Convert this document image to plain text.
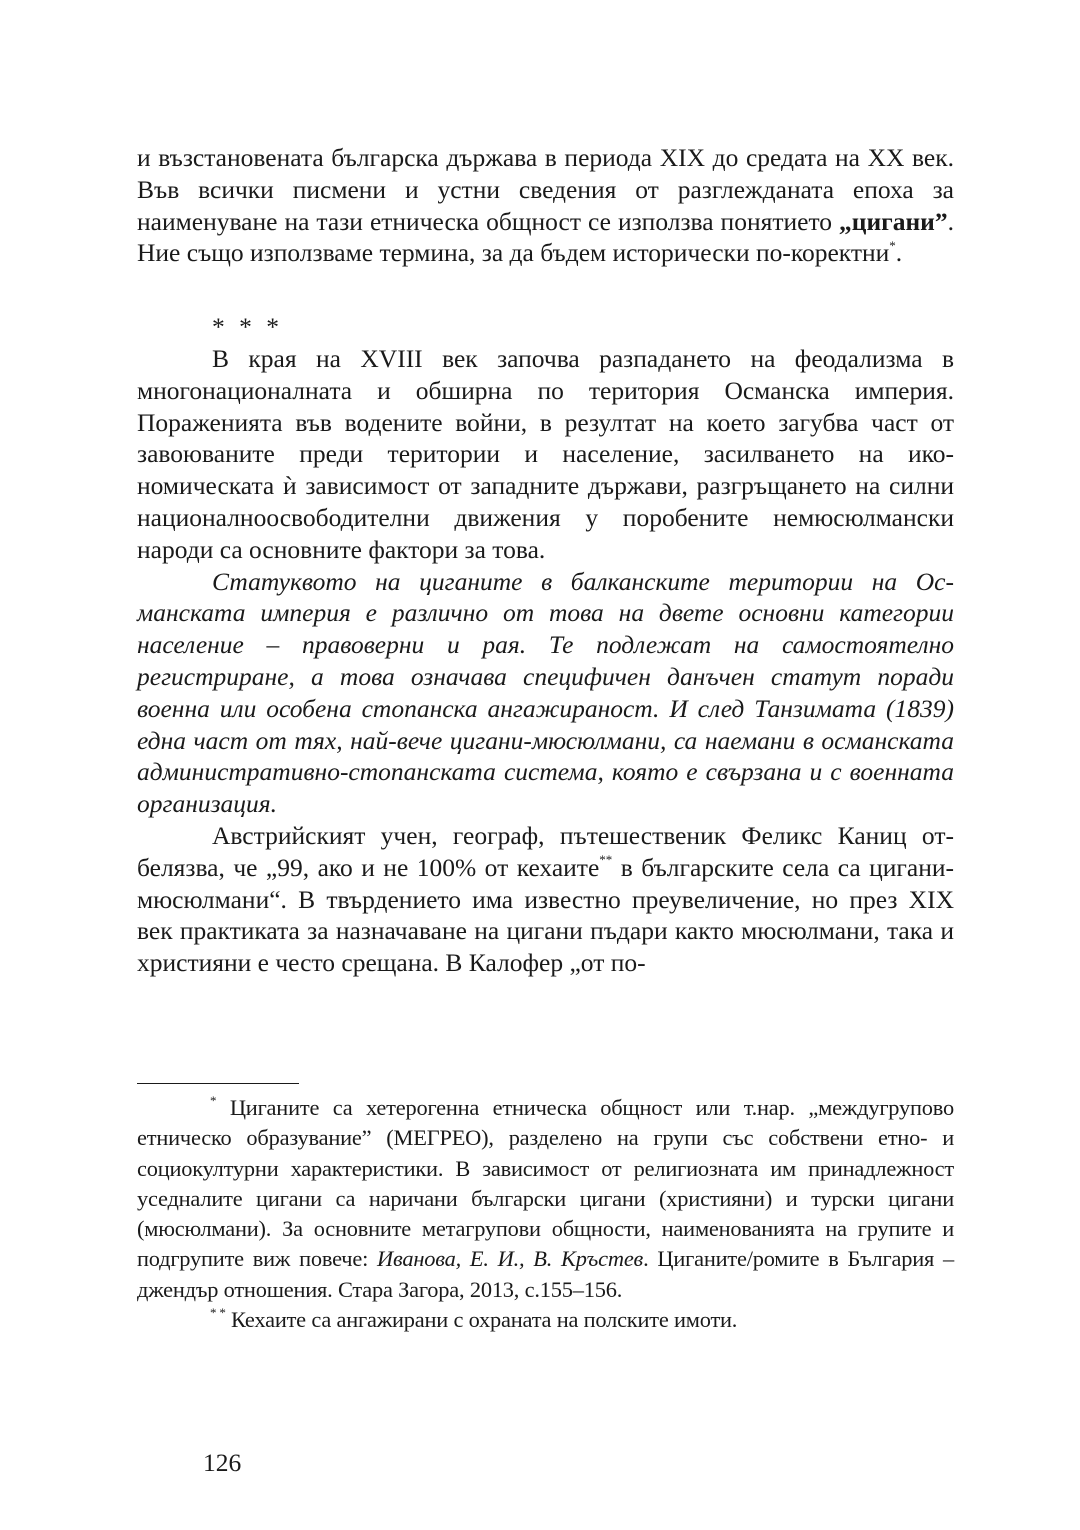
и възстановената българска държава в периода XIX до средата на XX век. Във всички писмени и устни сведения от разглежданата епоха за наименуване на тази етническа общност се използва понятието „цигани”. Ние също използваме термина, за да бъдем исторически по-коректни*.

* * *

В края на XVIII век започва разпадането на феодализма в многонационалната и обширна по територия Османска империя. Пораженията във водените войни, в резултат на което загубва част от завоюваните преди територии и население, засилването на икономическата ѝ зависимост от западните държави, разгръщането на силни националноосвободителни движения у поробените немюсюлмански народи са основните фактори за това.

Статуквото на циганите в балканските територии на Османската империя е различно от това на двете основни категории население – правоверни и рая. Те подлежат на самостоятелно регистриране, а това означава специфичен данъчен статут поради военна или особена стопанска ангажираност. И след Танзимата (1839) една част от тях, най-вече цигани-мюсюлмани, са наемани в османската административно-стопанската система, която е свързана и с военната организация.

Австрийският учен, географ, пътешественик Феликс Каниц отбелязва, че „99, ако и не 100% от кехаите** в българските села са цигани-мюсюлмани“. В твърдението има известно преувеличение, но през XIX век практиката за назначаване на цигани пъдари както мюсюлмани, така и християни е често срещана. В Калофер „от по-

* Циганите са хетерогенна етническа общност или т.нар. „междугрупово етническо образувание” (МЕГРЕО), разделено на групи със собствени етно- и социокултурни характеристики. В зависимост от религиозната им принадлежност уседналите цигани са наричани български цигани (християни) и турски цигани (мюсюлмани). За основните метагрупови общности, наименованията на групите и подгрупите виж повече: Иванова, Е. И., В. Кръстев. Циганите/ромите в България – джендър отношения. Стара Загора, 2013, с.155–156.

* * Кехаите са ангажирани с охраната на полските имоти.

126
